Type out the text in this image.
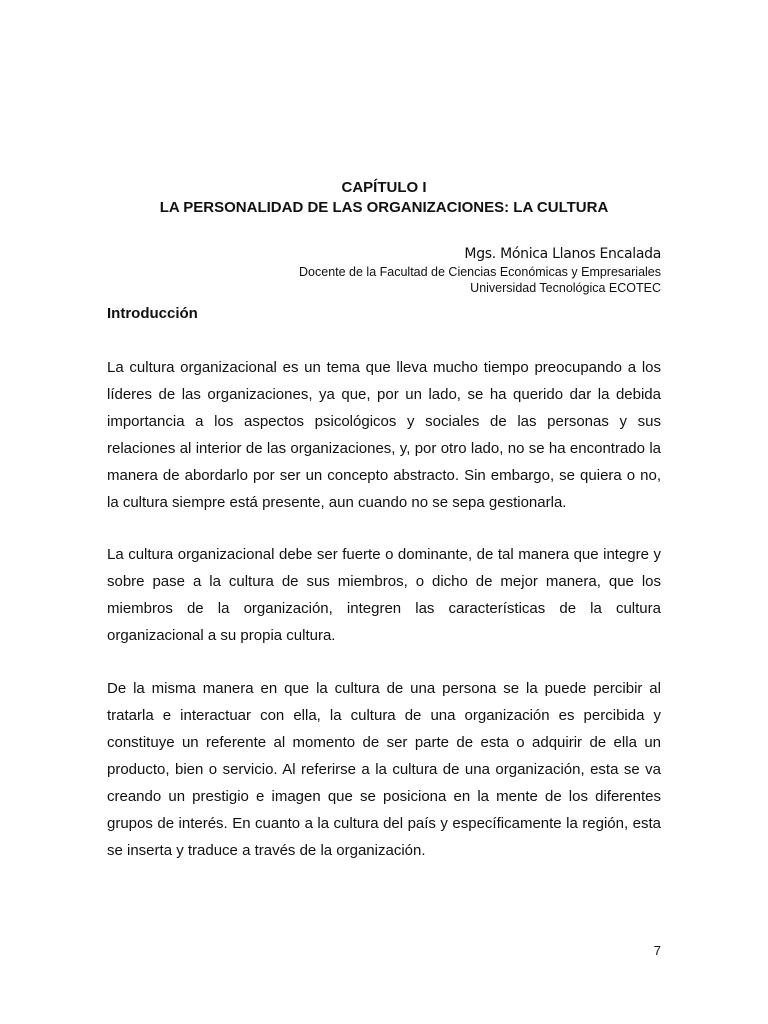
CAPÍTULO I
LA PERSONALIDAD DE LAS ORGANIZACIONES: LA CULTURA
Mgs. Mónica Llanos Encalada
Docente de la Facultad de Ciencias Económicas y Empresariales
Universidad Tecnológica ECOTEC
Introducción

La cultura organizacional es un tema que lleva mucho tiempo preocupando a los líderes de las organizaciones, ya que, por un lado, se ha querido dar la debida importancia a los aspectos psicológicos y sociales de las personas y sus relaciones al interior de las organizaciones, y, por otro lado, no se ha encontrado la manera de abordarlo por ser un concepto abstracto. Sin embargo, se quiera o no, la cultura siempre está presente, aun cuando no se sepa gestionarla.

La cultura organizacional debe ser fuerte o dominante, de tal manera que integre y sobre pase a la cultura de sus miembros, o dicho de mejor manera, que los miembros de la organización, integren las características de la cultura organizacional a su propia cultura.

De la misma manera en que la cultura de una persona se la puede percibir al tratarla e interactuar con ella, la cultura de una organización es percibida y constituye un referente al momento de ser parte de esta o adquirir de ella un producto, bien o servicio. Al referirse a la cultura de una organización, esta se va creando un prestigio e imagen que se posiciona en la mente de los diferentes grupos de interés. En cuanto a la cultura del país y específicamente la región, esta se inserta y traduce a través de la organización.

7
